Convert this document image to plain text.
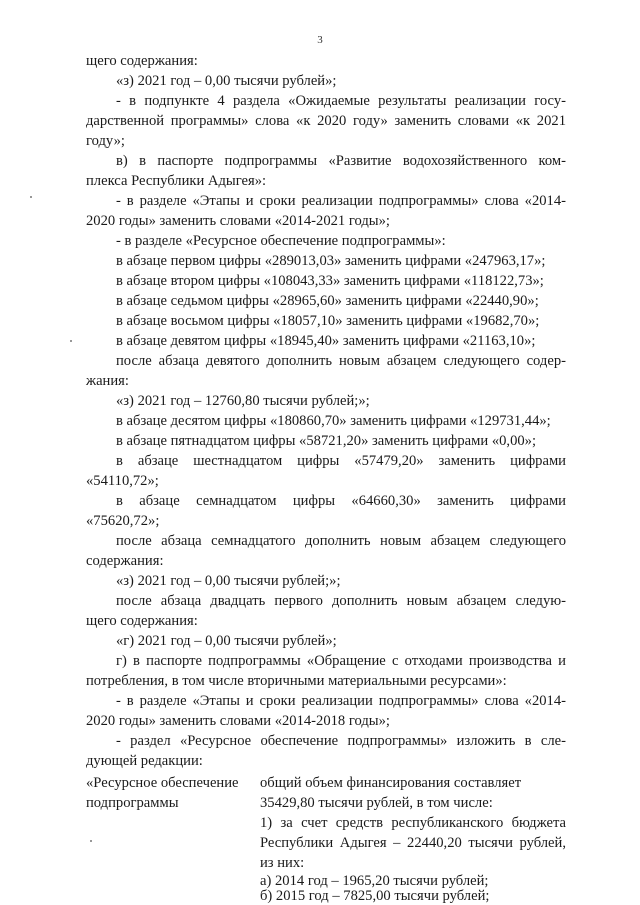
3
щего содержания:
«з) 2021 год – 0,00 тысячи рублей»;
- в подпункте 4 раздела «Ожидаемые результаты реализации госу-
дарственной программы» слова «к 2020 году» заменить словами «к 2021
году»;
в) в паспорте подпрограммы «Развитие водохозяйственного ком-
плекса Республики Адыгея»:
- в разделе «Этапы и сроки реализации подпрограммы» слова «2014-
2020 годы» заменить словами «2014-2021 годы»;
- в разделе «Ресурсное обеспечение подпрограммы»:
в абзаце первом цифры «289013,03» заменить цифрами «247963,17»;
в абзаце втором цифры «108043,33» заменить цифрами «118122,73»;
в абзаце седьмом цифры «28965,60» заменить цифрами «22440,90»;
в абзаце восьмом цифры «18057,10» заменить цифрами «19682,70»;
в абзаце девятом цифры «18945,40» заменить цифрами «21163,10»;
после абзаца девятого дополнить новым абзацем следующего содер-
жания:
«з) 2021 год – 12760,80 тысячи рублей;»;
в абзаце десятом цифры «180860,70» заменить цифрами «129731,44»;
в абзаце пятнадцатом цифры «58721,20» заменить цифрами «0,00»;
в абзаце шестнадцатом цифры «57479,20» заменить цифрами
«54110,72»;
в абзаце семнадцатом цифры «64660,30» заменить цифрами
«75620,72»;
после абзаца семнадцатого дополнить новым абзацем следующего
содержания:
«з) 2021 год – 0,00 тысячи рублей;»;
после абзаца двадцать первого дополнить новым абзацем следую-
щего содержания:
«г) 2021 год – 0,00 тысячи рублей»;
г) в паспорте подпрограммы «Обращение с отходами производства и
потребления, в том числе вторичными материальными ресурсами»:
- в разделе «Этапы и сроки реализации подпрограммы» слова «2014-
2020 годы» заменить словами «2014-2018 годы»;
- раздел «Ресурсное обеспечение подпрограммы» изложить в сле-
дующей редакции:
«Ресурсное обеспечение
подпрограммы
общий объем финансирования составляет
35429,80 тысячи рублей, в том числе:
1) за счет средств республиканского бюджета
Республики Адыгея – 22440,20 тысячи рублей,
из них:
а) 2014 год – 1965,20 тысячи рублей;
б) 2015 год – 7825,00 тысячи рублей;
